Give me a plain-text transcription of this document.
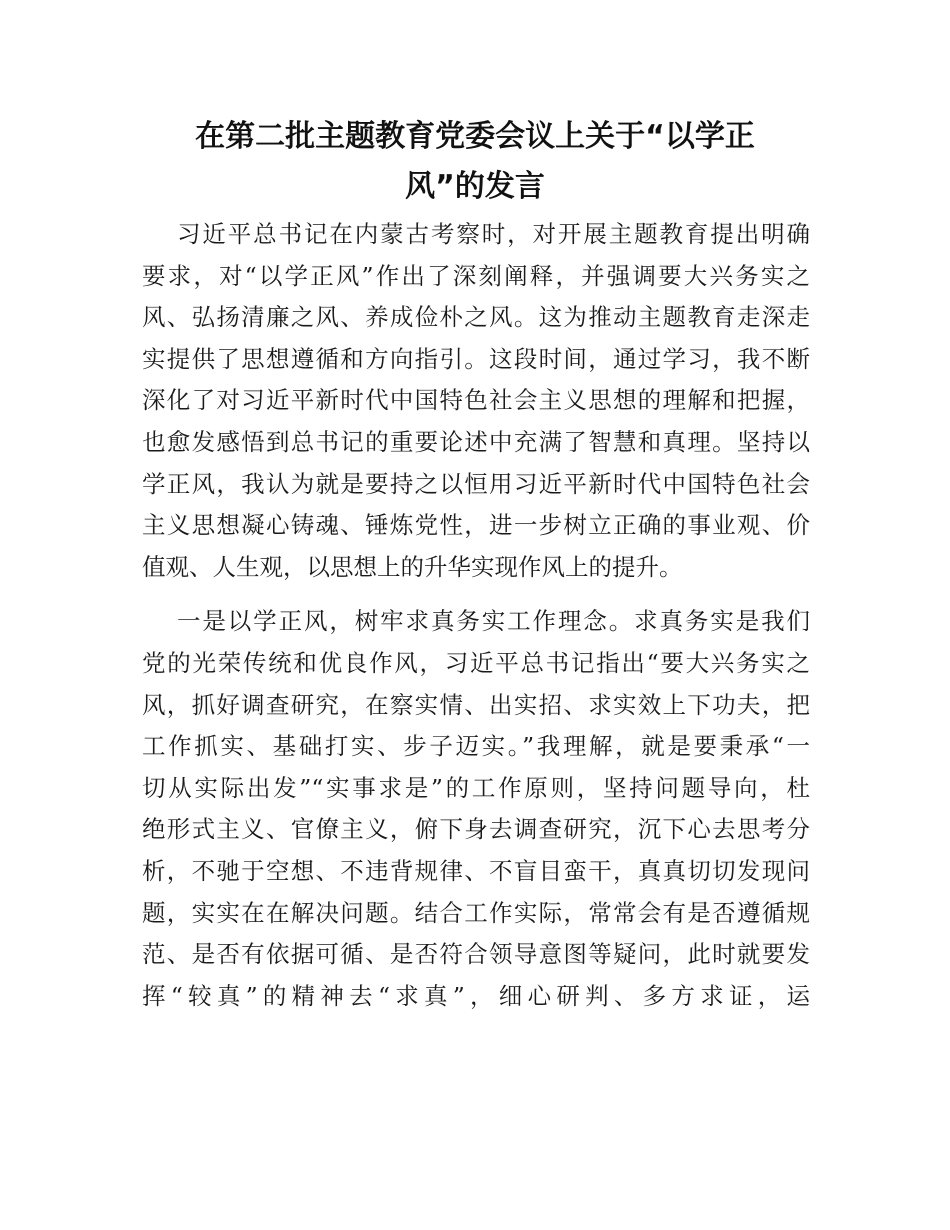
在第二批主题教育党委会议上关于“以学正
风”的发言
习近平总书记在内蒙古考察时，对开展主题教育提出明确
要求，对“以学正风”作出了深刻阐释，并强调要大兴务实之
风、弘扬清廉之风、养成俭朴之风。这为推动主题教育走深走
实提供了思想遵循和方向指引。这段时间，通过学习，我不断
深化了对习近平新时代中国特色社会主义思想的理解和把握，
也愈发感悟到总书记的重要论述中充满了智慧和真理。坚持以
学正风，我认为就是要持之以恒用习近平新时代中国特色社会
主义思想凝心铸魂、锤炼党性，进一步树立正确的事业观、价
值观、人生观，以思想上的升华实现作风上的提升。
一是以学正风，树牢求真务实工作理念。求真务实是我们
党的光荣传统和优良作风，习近平总书记指出“要大兴务实之
风，抓好调查研究，在察实情、出实招、求实效上下功夫，把
工作抓实、基础打实、步子迈实。”我理解，就是要秉承“一
切从实际出发”“实事求是”的工作原则，坚持问题导向，杜
绝形式主义、官僚主义，俯下身去调查研究，沉下心去思考分
析，不驰于空想、不违背规律、不盲目蛮干，真真切切发现问
题，实实在在解决问题。结合工作实际，常常会有是否遵循规
范、是否有依据可循、是否符合领导意图等疑问，此时就要发
挥“较真”的精神去“求真”，细心研判、多方求证，运
